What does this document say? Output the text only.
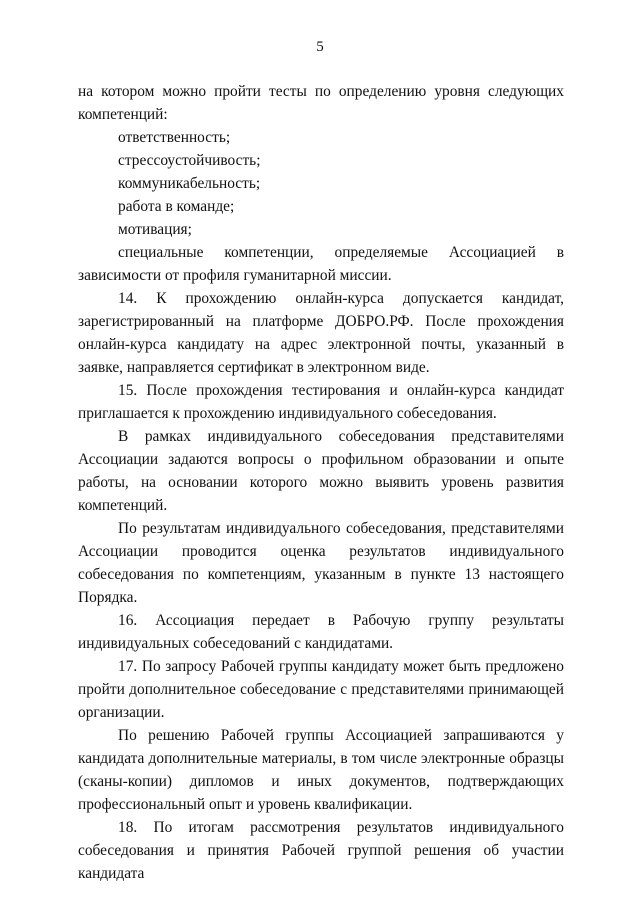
5

на котором можно пройти тесты по определению уровня следующих компетенций:

ответственность;

стрессоустойчивость;

коммуникабельность;

работа в команде;

мотивация;

специальные компетенции, определяемые Ассоциацией в зависимости от профиля гуманитарной миссии.

14. К прохождению онлайн-курса допускается кандидат, зарегистрированный на платформе ДОБРО.РФ. После прохождения онлайн-курса кандидату на адрес электронной почты, указанный в заявке, направляется сертификат в электронном виде.

15. После прохождения тестирования и онлайн-курса кандидат приглашается к прохождению индивидуального собеседования.

В рамках индивидуального собеседования представителями Ассоциации задаются вопросы о профильном образовании и опыте работы, на основании которого можно выявить уровень развития компетенций.

По результатам индивидуального собеседования, представителями Ассоциации проводится оценка результатов индивидуального собеседования по компетенциям, указанным в пункте 13 настоящего Порядка.

16. Ассоциация передает в Рабочую группу результаты индивидуальных собеседований с кандидатами.

17. По запросу Рабочей группы кандидату может быть предложено пройти дополнительное собеседование с представителями принимающей организации.

По решению Рабочей группы Ассоциацией запрашиваются у кандидата дополнительные материалы, в том числе электронные образцы (сканы-копии) дипломов и иных документов, подтверждающих профессиональный опыт и уровень квалификации.

18. По итогам рассмотрения результатов индивидуального собеседования и принятия Рабочей группой решения об участии кандидата
